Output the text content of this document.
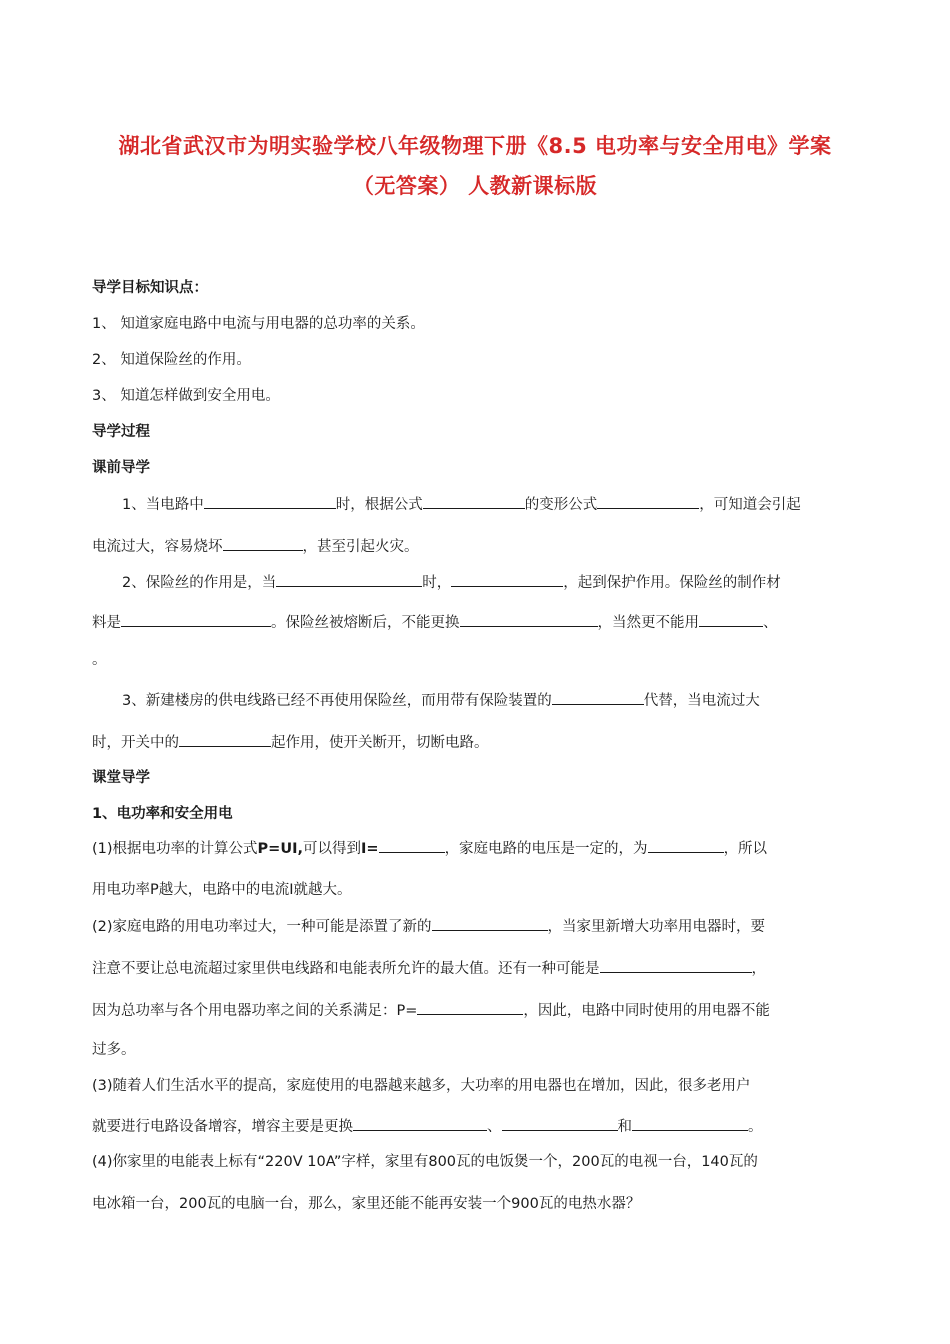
湖北省武汉市为明实验学校八年级物理下册《8.5 电功率与安全用电》学案
（无答案） 人教新课标版
导学目标知识点：
1、 知道家庭电路中电流与用电器的总功率的关系。
2、 知道保险丝的作用。
3、 知道怎样做到安全用电。
导学过程
课前导学
1、当电路中	时，根据公式	的变形公式	，可知道会引起
电流过大，容易烧坏	，甚至引起火灾。
2、保险丝的作用是，当	时，	，起到保护作用。保险丝的制作材
料是	。保险丝被熔断后，不能更换	，当然更不能用	、
。
3、新建楼房的供电线路已经不再使用保险丝，而用带有保险装置的	代替，当电流过大
时，开关中的	起作用，使开关断开，切断电路。
课堂导学
1、电功率和安全用电
(1)根据电功率的计算公式P=UI,可以得到I=	，家庭电路的电压是一定的，为	，所以
用电功率P越大，电路中的电流I就越大。
(2)家庭电路的用电功率过大，一种可能是添置了新的	，当家里新增大功率用电器时，要
注意不要让总电流超过家里供电线路和电能表所允许的最大值。还有一种可能是	，
因为总功率与各个用电器功率之间的关系满足：P=	，因此，电路中同时使用的用电器不能
过多。
(3)随着人们生活水平的提高，家庭使用的电器越来越多，大功率的用电器也在增加，因此，很多老用户
就要进行电路设备增容，增容主要是更换	、	和	。
(4)你家里的电能表上标有“220V 10A”字样，家里有800瓦的电饭煲一个，200瓦的电视一台，140瓦的
电冰箱一台，200瓦的电脑一台，那么，家里还能不能再安装一个900瓦的电热水器？
